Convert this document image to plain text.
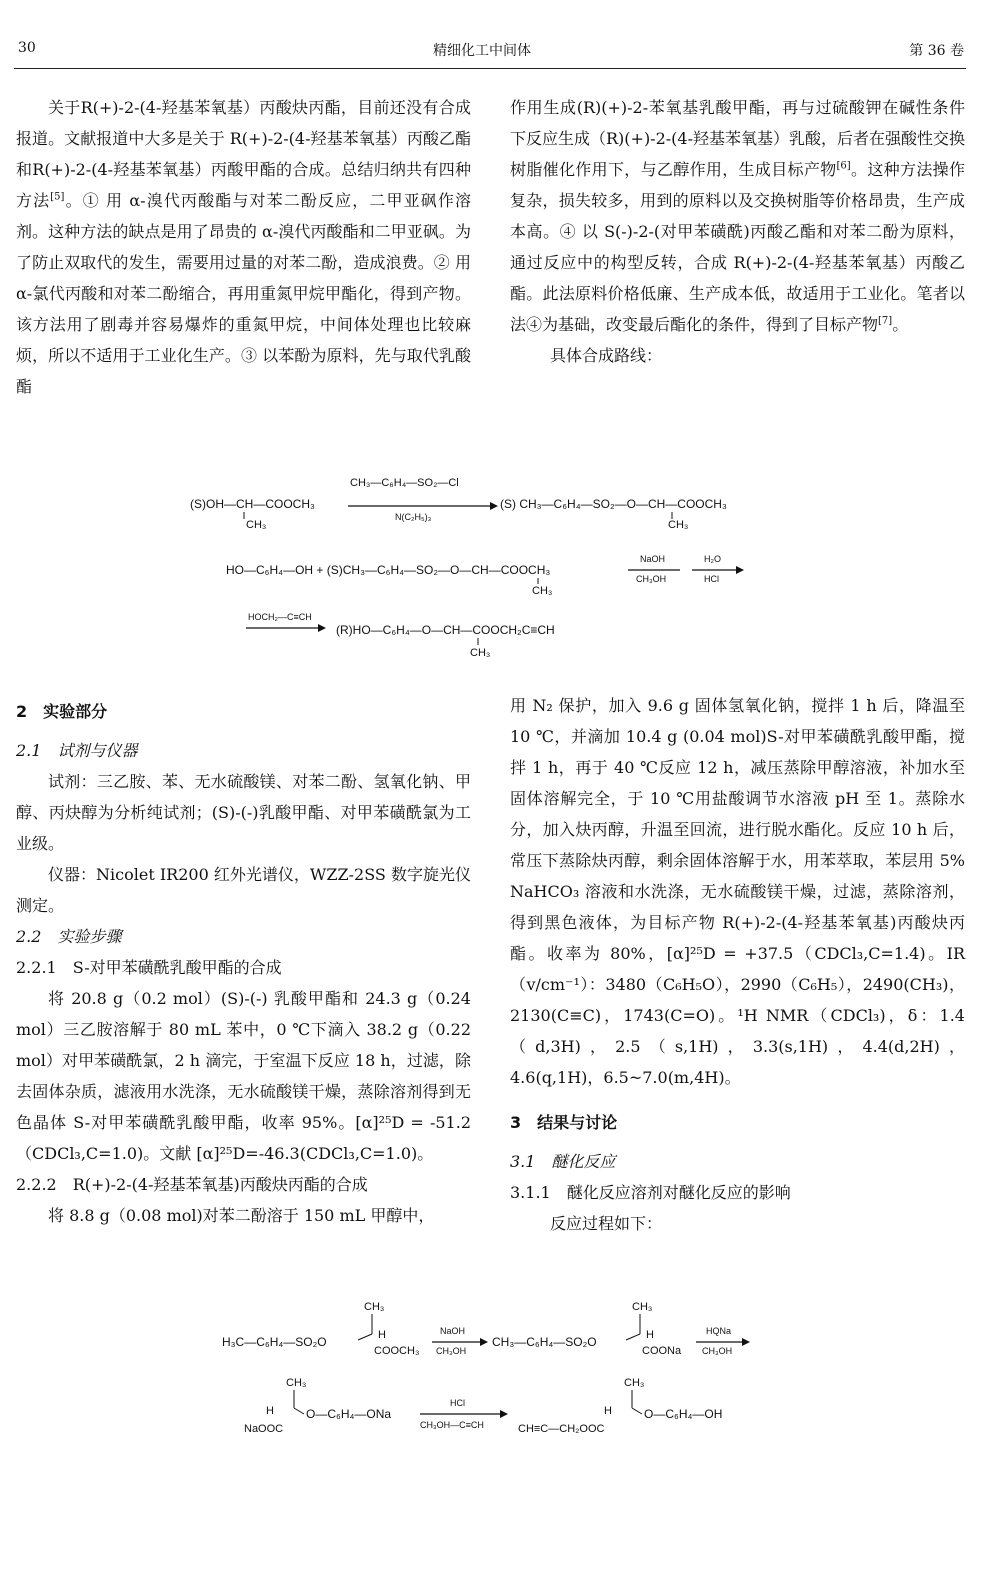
30	精细化工中间体	第 36 卷

关于R(+)-2-(4-羟基苯氧基）丙酸炔丙酯，目前还没有合成报道。文献报道中大多是关于 R(+)-2-(4-羟基苯氧基）丙酸乙酯和R(+)-2-(4-羟基苯氧基）丙酸甲酯的合成。总结归纳共有四种方法[5]。① 用 α-溴代丙酸酯与对苯二酚反应，二甲亚砜作溶剂。这种方法的缺点是用了昂贵的 α-溴代丙酸酯和二甲亚砜。为了防止双取代的发生，需要用过量的对苯二酚，造成浪费。② 用 α-氯代丙酸和对苯二酚缩合，再用重氮甲烷甲酯化，得到产物。该方法用了剧毒并容易爆炸的重氮甲烷，中间体处理也比较麻烦，所以不适用于工业化生产。③ 以苯酚为原料，先与取代乳酸酯

作用生成(R)(+)-2-苯氧基乳酸甲酯，再与过硫酸钾在碱性条件下反应生成（R)(+)-2-(4-羟基苯氧基）乳酸，后者在强酸性交换树脂催化作用下，与乙醇作用，生成目标产物[6]。这种方法操作复杂，损失较多，用到的原料以及交换树脂等价格昂贵，生产成本高。④ 以 S(-)-2-(对甲苯磺酰)丙酸乙酯和对苯二酚为原料，通过反应中的构型反转，合成 R(+)-2-(4-羟基苯氧基）丙酸乙酯。此法原料价格低廉、生产成本低，故适用于工业化。笔者以法④为基础，改变最后酯化的条件，得到了目标产物[7]。

具体合成路线：

(S)OH—CH—COOCH₃
CH₃
CH₃—C₆H₄—SO₂—Cl
N(C₂H₅)₃
(S) CH₃—C₆H₄—SO₂—O—CH—COOCH₃
CH₃
HO—C₆H₄—OH + (S)CH₃—C₆H₄—SO₂—O—CH—COOCH₃
CH₃
NaOH
CH₃OH
H₂O
HCl
HOCH₂—C≡CH
(R)HO—C₆H₄—O—CH—COOCH₂C≡CH
CH₃

2　实验部分

2.1　试剂与仪器

试剂：三乙胺、苯、无水硫酸镁、对苯二酚、氢氧化钠、甲醇、丙炔醇为分析纯试剂；(S)-(-)乳酸甲酯、对甲苯磺酰氯为工业级。

仪器：Nicolet IR200 红外光谱仪，WZZ-2SS 数字旋光仪测定。

2.2　实验步骤

2.2.1　S-对甲苯磺酰乳酸甲酯的合成

将 20.8 g（0.2 mol）(S)-(-) 乳酸甲酯和 24.3 g（0.24 mol）三乙胺溶解于 80 mL 苯中，0 ℃下滴入 38.2 g（0.22 mol）对甲苯磺酰氯，2 h 滴完，于室温下反应 18 h，过滤，除去固体杂质，滤液用水洗涤，无水硫酸镁干燥，蒸除溶剂得到无色晶体 S-对甲苯磺酰乳酸甲酯，收率 95%。[α]²⁵D = -51.2（CDCl₃,C=1.0)。文献 [α]²⁵D=-46.3(CDCl₃,C=1.0)。

2.2.2　R(+)-2-(4-羟基苯氧基)丙酸炔丙酯的合成

将 8.8 g（0.08 mol)对苯二酚溶于 150 mL 甲醇中，

用 N₂ 保护，加入 9.6 g 固体氢氧化钠，搅拌 1 h 后，降温至 10 ℃，并滴加 10.4 g (0.04 mol)S-对甲苯磺酰乳酸甲酯，搅拌 1 h，再于 40 ℃反应 12 h，减压蒸除甲醇溶液，补加水至固体溶解完全，于 10 ℃用盐酸调节水溶液 pH 至 1。蒸除水分，加入炔丙醇，升温至回流，进行脱水酯化。反应 10 h 后，常压下蒸除炔丙醇，剩余固体溶解于水，用苯萃取，苯层用 5% NaHCO₃ 溶液和水洗涤，无水硫酸镁干燥，过滤，蒸除溶剂，得到黑色液体，为目标产物 R(+)-2-(4-羟基苯氧基)丙酸炔丙酯。收率为 80%，[α]²⁵D = +37.5（CDCl₃,C=1.4)。IR（v/cm⁻¹）：3480（C₆H₅O），2990（C₆H₅），2490(CH₃)，2130(C≡C)，1743(C=O)。¹H NMR（CDCl₃)，δ：1.4（d,3H)，2.5（s,1H)，3.3(s,1H)，4.4(d,2H)，4.6(q,1H)，6.5~7.0(m,4H)。

3　结果与讨论

3.1　醚化反应

3.1.1　醚化反应溶剂对醚化反应的影响

反应过程如下：

H₃C—C₆H₄—SO₂O
CH₃
H
COOCH₃
NaOH
CH₃OH
CH₃—C₆H₄—SO₂O
CH₃
H
COONa
HQNa
CH₃OH
CH₃
H
NaOOC
O—C₆H₄—ONa
HCl
CH₃OH—C≡CH
CH₃
H
CH≡C—CH₂OOC
O—C₆H₄—OH
